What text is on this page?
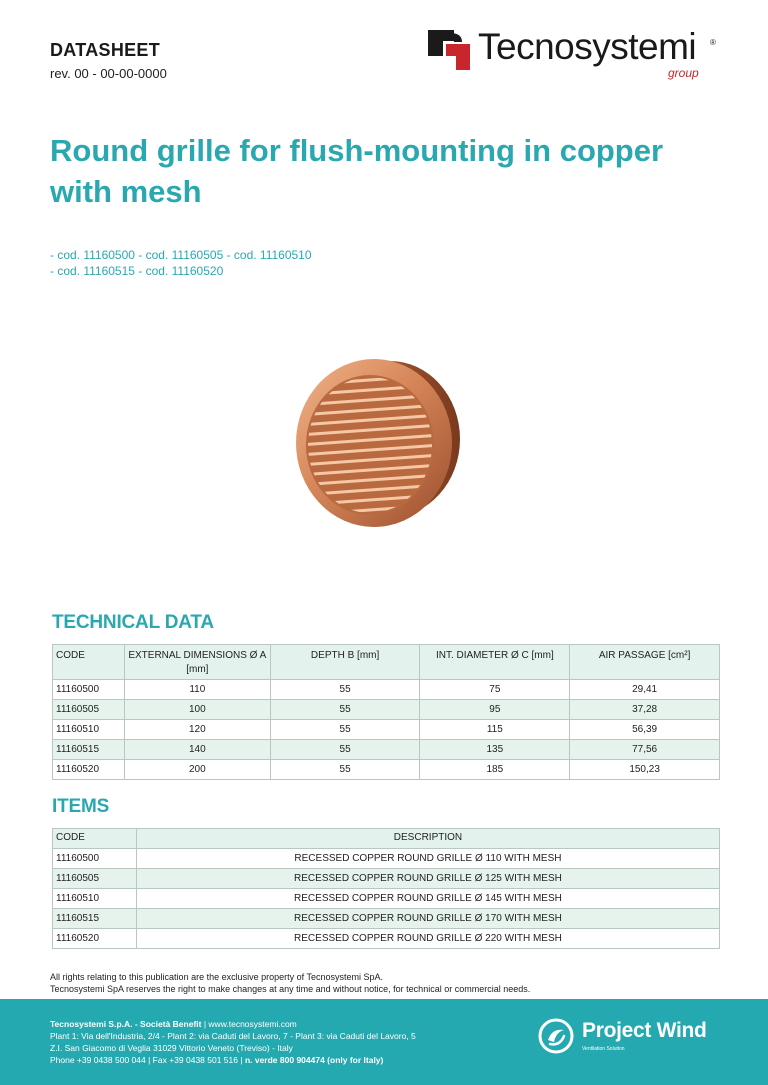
DATASHEET
rev. 00 - 00-00-0000
Tecnosystemi ®
group
Round grille for flush-mounting in copper with mesh
- cod. 11160500 - cod. 11160505 - cod. 11160510
- cod. 11160515 - cod. 11160520
TECHNICAL DATA
CODE	EXTERNAL DIMENSIONS Ø A [mm]	DEPTH B [mm]	INT. DIAMETER Ø C [mm]	AIR PASSAGE [cm²]
11160500	110	55	75	29,41
11160505	100	55	95	37,28
11160510	120	55	115	56,39
11160515	140	55	135	77,56
11160520	200	55	185	150,23
ITEMS
CODE	DESCRIPTION
11160500	RECESSED COPPER ROUND GRILLE Ø 110 WITH MESH
11160505	RECESSED COPPER ROUND GRILLE Ø 125 WITH MESH
11160510	RECESSED COPPER ROUND GRILLE Ø 145 WITH MESH
11160515	RECESSED COPPER ROUND GRILLE Ø 170 WITH MESH
11160520	RECESSED COPPER ROUND GRILLE Ø 220 WITH MESH
All rights relating to this publication are the exclusive property of Tecnosystemi SpA.
Tecnosystemi SpA reserves the right to make changes at any time and without notice, for technical or commercial needs.
Tecnosystemi S.p.A. - Società Benefit | www.tecnosystemi.com
Plant 1: Via dell'Industria, 2/4 - Plant 2: via Caduti del Lavoro, 7 - Plant 3: via Caduti del Lavoro, 5
Z.I. San Giacomo di Veglia 31029 Vittorio Veneto (Treviso) - Italy
Phone +39 0438 500 044 | Fax +39 0438 501 516 | n. verde 800 904474 (only for Italy)
Project Wind
Ventilation Solution
